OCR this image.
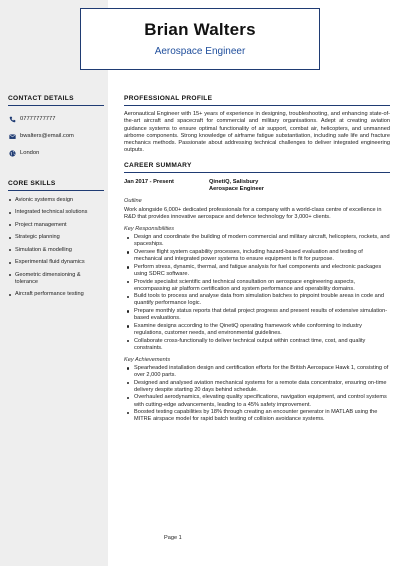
Brian Walters
Aerospace Engineer
CONTACT DETAILS
07777777777
bwalters@email.com
London
CORE SKILLS
Avionic systems design
Integrated technical solutions
Project management
Strategic planning
Simulation & modelling
Experimental fluid dynamics
Geometric dimensioning & tolerance
Aircraft performance testing
PROFESSIONAL PROFILE
Aeronautical Engineer with 15+ years of experience in designing, troubleshooting, and enhancing state-of-the-art aircraft and spacecraft for commercial and military organisations. Adept at creating aviation guidance systems to ensure optimal functionality of air support, combat air, helicopters, and unmanned airborne components. Strong knowledge of airframe fatigue substantiation, including safe life and fracture mechanics methods. Passionate about addressing technical challenges to deliver integrated engineering outputs.
CAREER SUMMARY
Jan 2017 - Present	QinetiQ, Salisbury
Aerospace Engineer
Outline
Work alongside 6,000+ dedicated professionals for a company with a world-class centre of excellence in R&D that provides innovative aerospace and defence technology for 3,000+ clients.
Key Responsibilities
Design and coordinate the building of modern commercial and military aircraft, helicopters, rockets, and spaceships.
Oversee flight system capability processes, including hazard-based evaluation and testing of mechanical and integrated power systems to ensure equipment is fit for purpose.
Perform stress, dynamic, thermal, and fatigue analysis for fuel components and electronic packages using SDRC software.
Provide specialist scientific and technical consultation on aerospace engineering aspects, encompassing air platform certification and system performance and operability domains.
Build tools to process and analyse data from simulation batches to pinpoint trouble areas in code and quantify performance logic.
Prepare monthly status reports that detail project progress and present results of extensive simulation-based evaluations.
Examine designs according to the QinetiQ operating framework while conforming to industry regulations, customer needs, and environmental guidelines.
Collaborate cross-functionally to deliver technical output within contract time, cost, and quality constraints.
Key Achievements
Spearheaded installation design and certification efforts for the British Aerospace Hawk 1, consisting of over 2,000 parts.
Designed and analysed aviation mechanical systems for a remote data concentrator, ensuring on-time delivery despite starting 20 days behind schedule.
Overhauled aerodynamics, elevating quality specifications, navigation equipment, and control systems with cutting-edge advancements, leading to a 45% safety improvement.
Boosted testing capabilities by 18% through creating an encounter generator in MATLAB using the MITRE airspace model for rapid batch testing of collision avoidance systems.
Page 1
